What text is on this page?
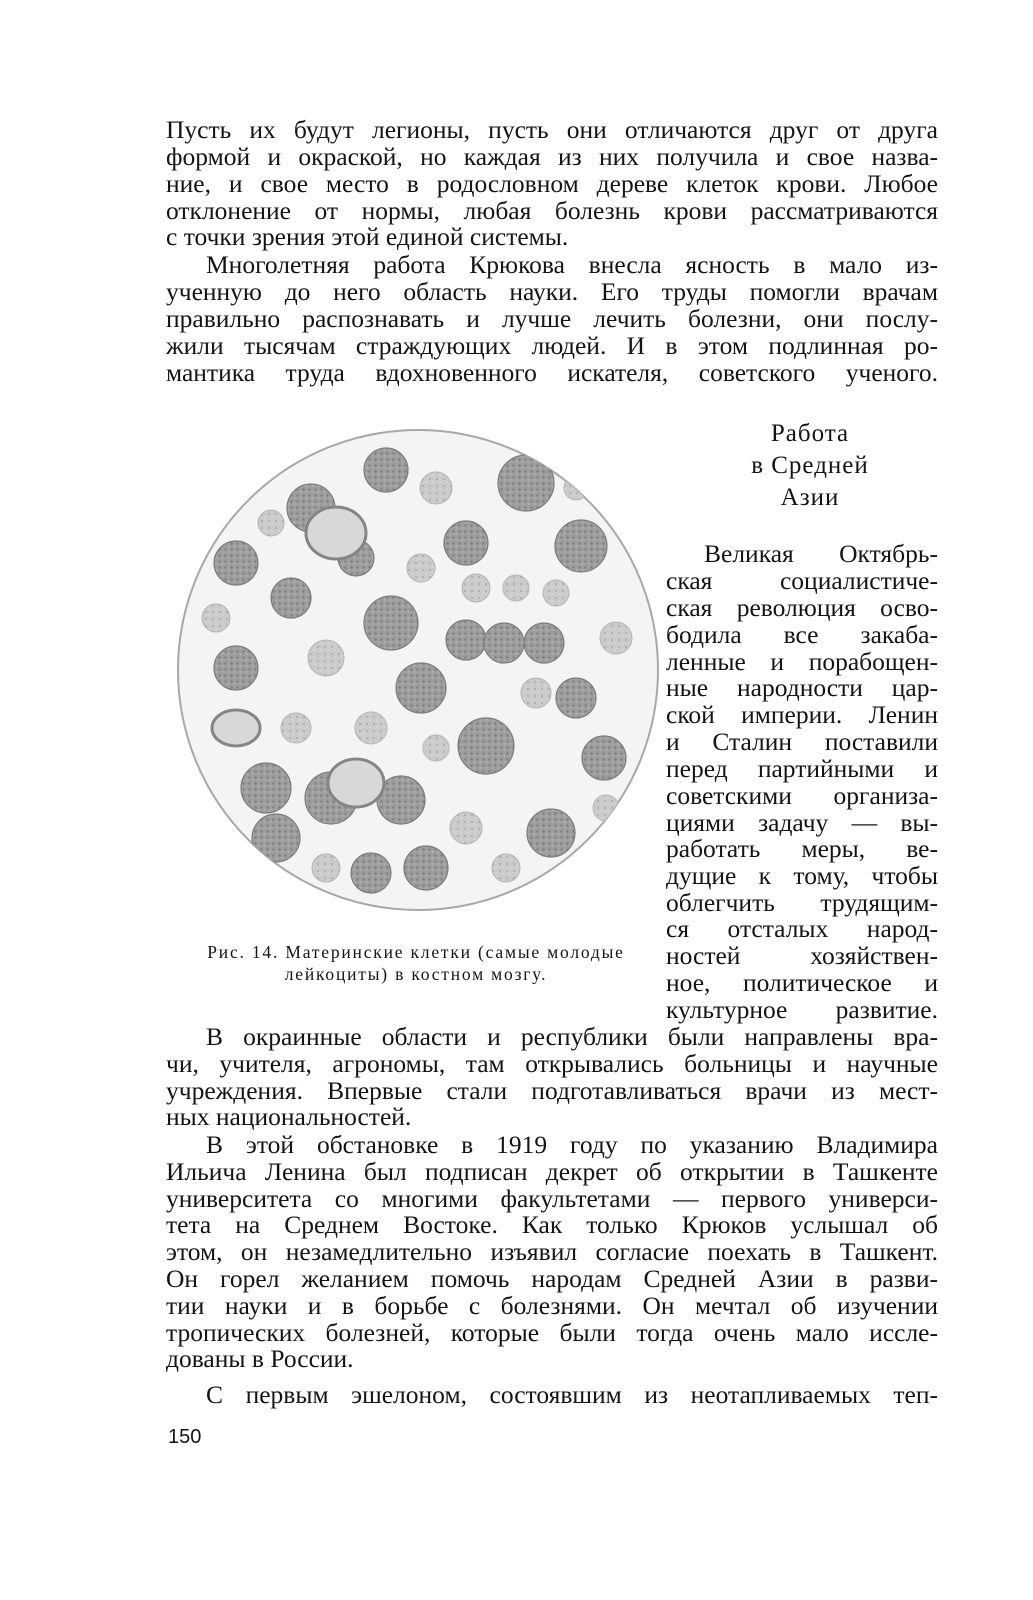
Пусть их будут легионы, пусть они отличаются друг от друга
формой и окраской, но каждая из них получила и свое назва-
ние, и свое место в родословном дереве клеток крови. Любое
отклонение от нормы, любая болезнь крови рассматриваются
с точки зрения этой единой системы.
Многолетняя работа Крюкова внесла ясность в мало из-
ученную до него область науки. Его труды помогли врачам
правильно распознавать и лучше лечить болезни, они послу-
жили тысячам страждующих людей. И в этом подлинная ро-
мантика труда вдохновенного искателя, советского ученого.
Работа
в Средней
Азии
Великая Октябрь-
ская социалистиче-
ская революция осво-
бодила все закаба-
ленные и порабощен-
ные народности цар-
ской империи. Ленин
и Сталин поставили
перед партийными и
советскими организа-
циями задачу — вы-
работать меры, ве-
дущие к тому, чтобы
облегчить трудящим-
ся отсталых народ-
ностей хозяйствен-
ное, политическое и
культурное развитие.
Рис. 14. Материнские клетки (самые молодые
лейкоциты) в костном мозгу.
В окраинные области и республики были направлены вра-
чи, учителя, агрономы, там открывались больницы и научные
учреждения. Впервые стали подготавливаться врачи из мест-
ных национальностей.
В этой обстановке в 1919 году по указанию Владимира
Ильича Ленина был подписан декрет об открытии в Ташкенте
университета со многими факультетами — первого универси-
тета на Среднем Востоке. Как только Крюков услышал об
этом, он незамедлительно изъявил согласие поехать в Ташкент.
Он горел желанием помочь народам Средней Азии в разви-
тии науки и в борьбе с болезнями. Он мечтал об изучении
тропических болезней, которые были тогда очень мало иссле-
дованы в России.
С первым эшелоном, состоявшим из неотапливаемых теп-
150
